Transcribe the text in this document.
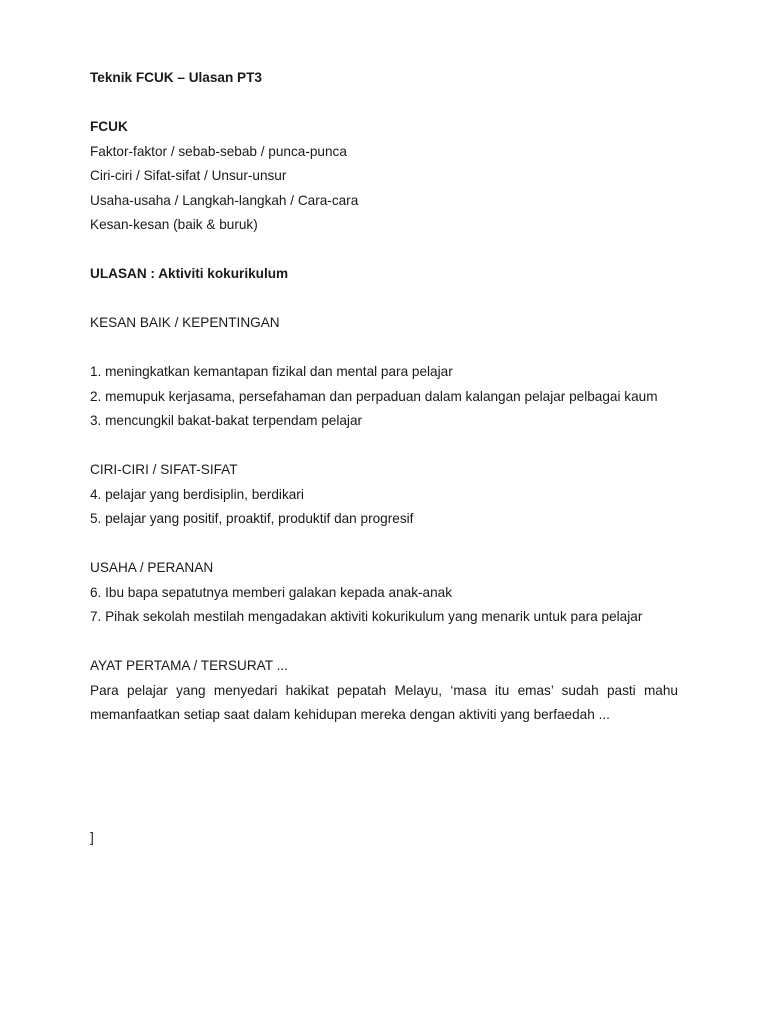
Teknik FCUK – Ulasan PT3

FCUK

Faktor-faktor / sebab-sebab / punca-punca

Ciri-ciri / Sifat-sifat / Unsur-unsur

Usaha-usaha / Langkah-langkah / Cara-cara

Kesan-kesan (baik & buruk)

ULASAN : Aktiviti kokurikulum

KESAN BAIK / KEPENTINGAN

1. meningkatkan kemantapan fizikal dan mental para pelajar

2. memupuk kerjasama, persefahaman dan perpaduan dalam kalangan pelajar pelbagai kaum

3. mencungkil bakat-bakat terpendam pelajar

CIRI-CIRI / SIFAT-SIFAT

4. pelajar yang berdisiplin, berdikari

5. pelajar yang positif, proaktif, produktif dan progresif

USAHA / PERANAN

6. Ibu bapa sepatutnya memberi galakan kepada anak-anak

7. Pihak sekolah mestilah mengadakan aktiviti kokurikulum yang menarik untuk para pelajar

AYAT PERTAMA / TERSURAT ...

Para pelajar yang menyedari hakikat pepatah Melayu, ‘masa itu emas’ sudah pasti mahu memanfaatkan setiap saat dalam kehidupan mereka dengan aktiviti yang berfaedah ...

]
